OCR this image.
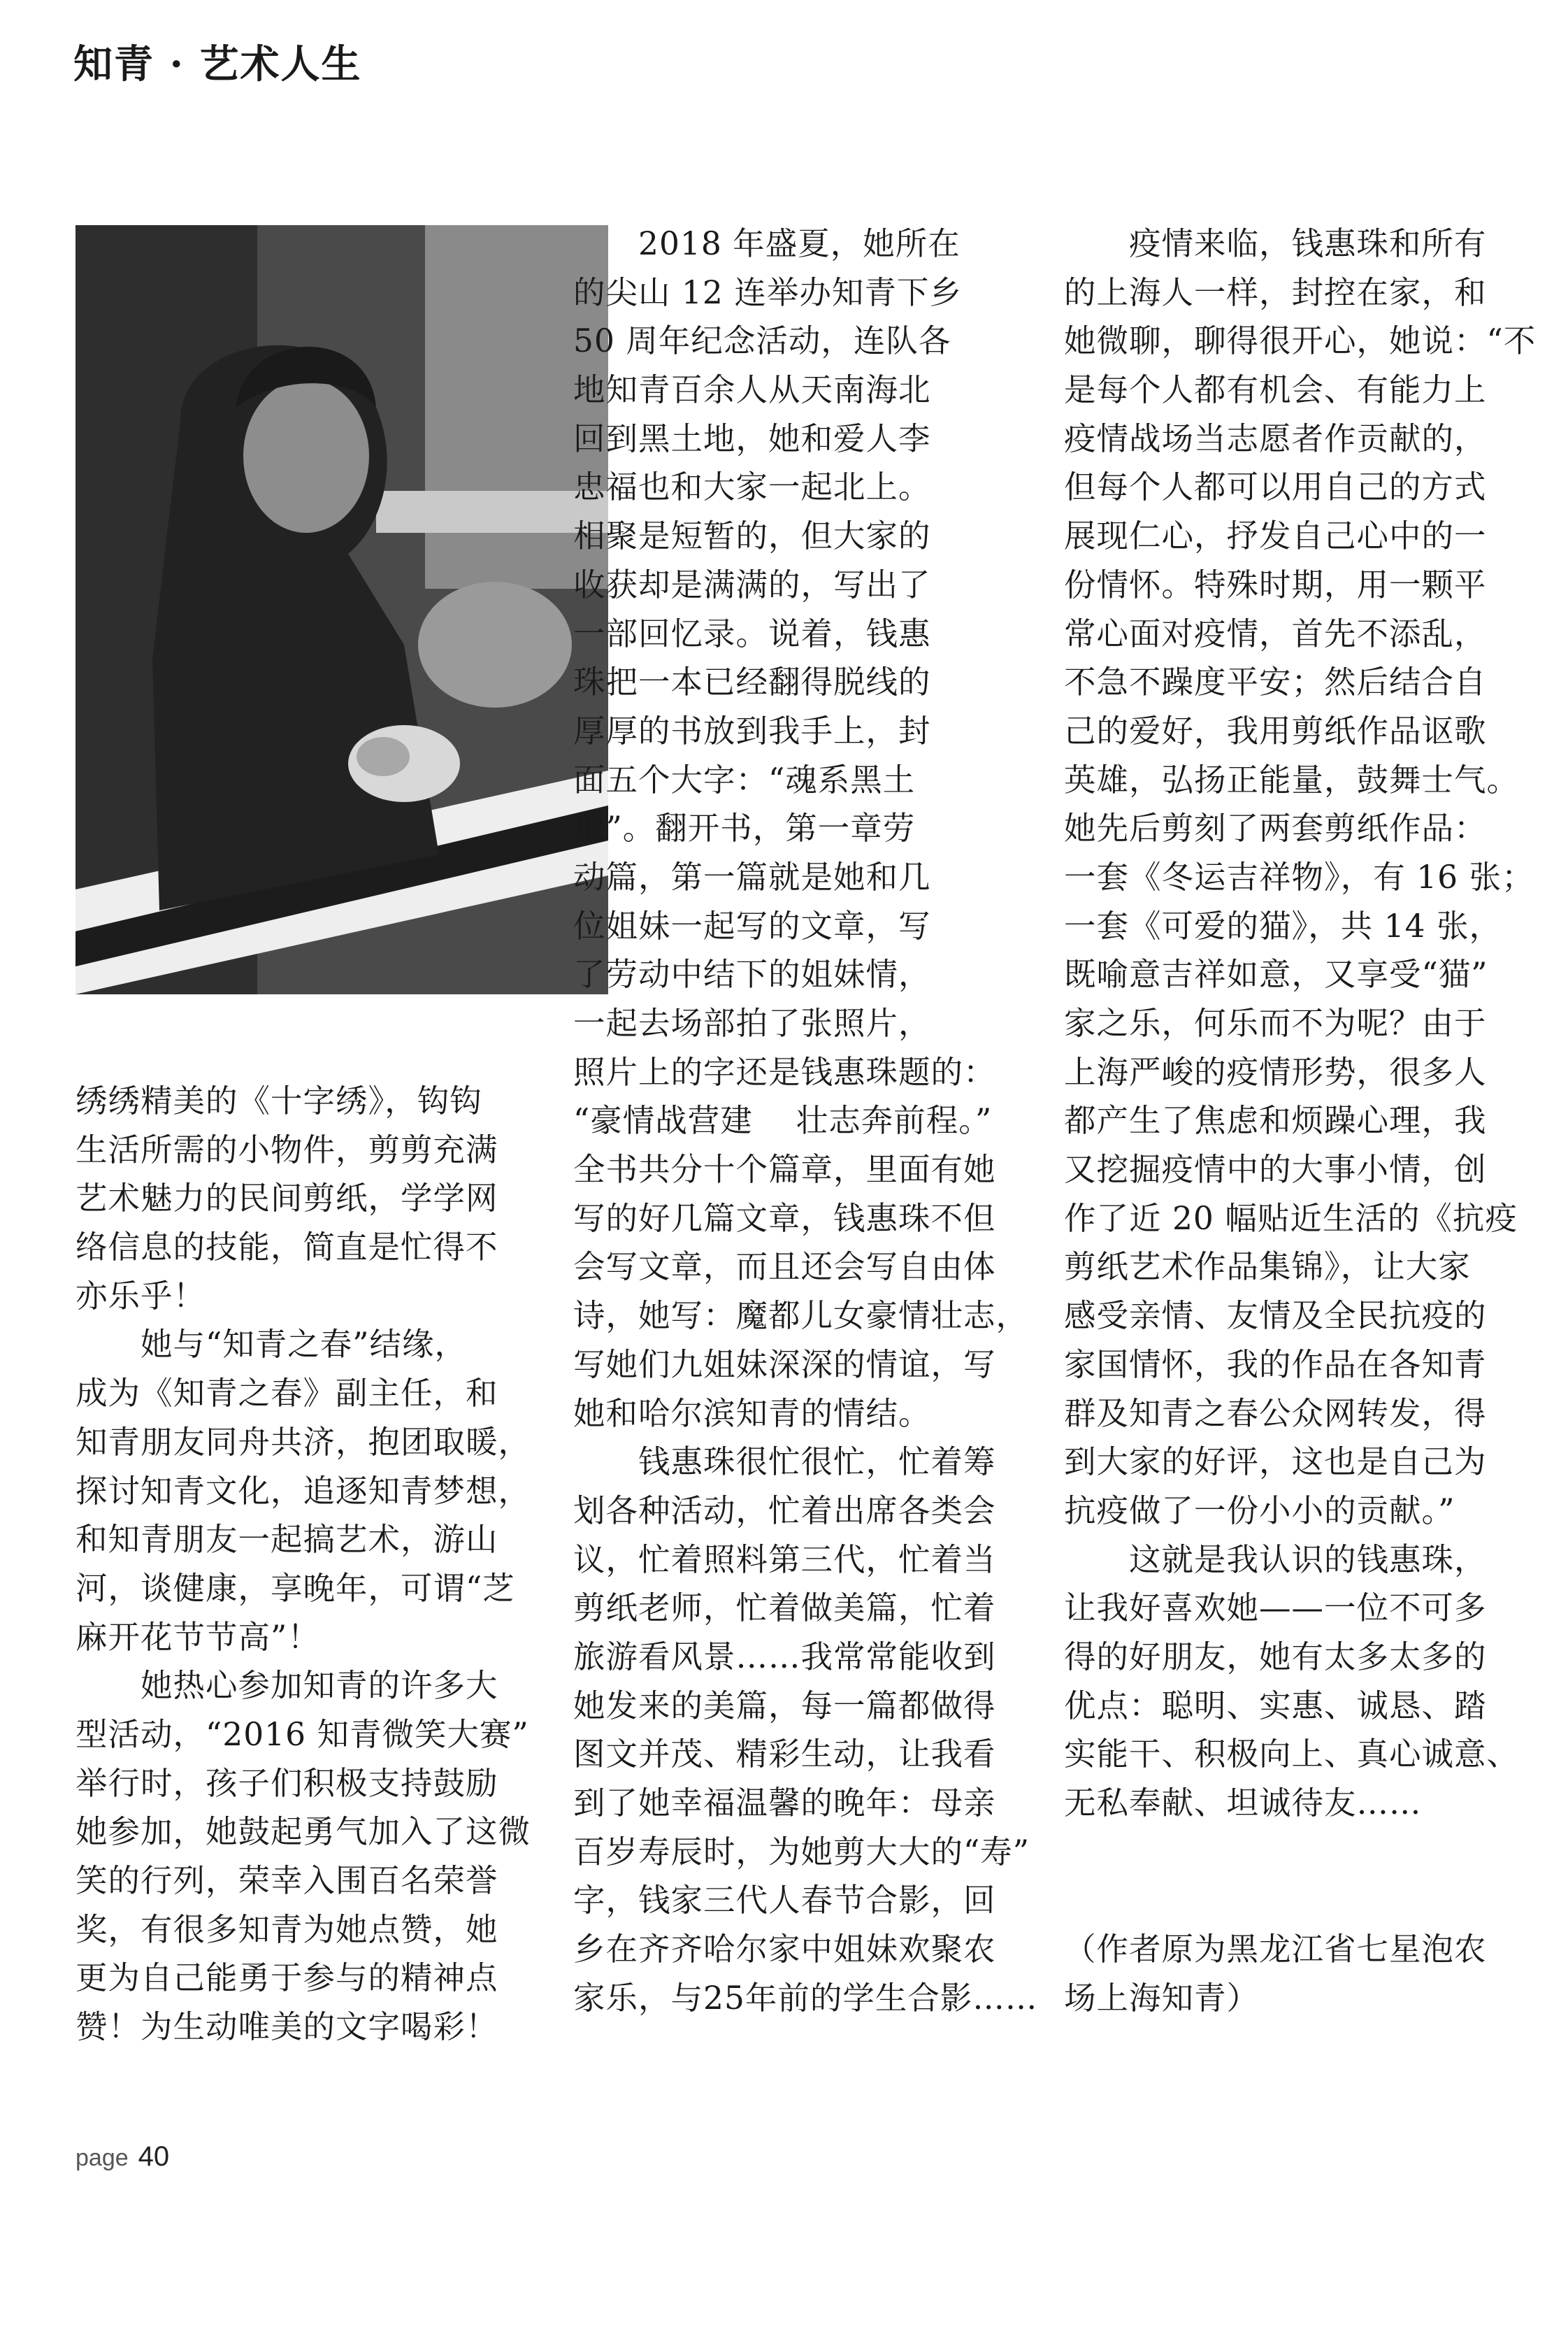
知青 · 艺术人生
绣绣精美的《十字绣》，钩钩
生活所需的小物件，剪剪充满
艺术魅力的民间剪纸，学学网
络信息的技能，简直是忙得不
亦乐乎！
　　她与“知青之春”结缘，
成为《知青之春》副主任，和
知青朋友同舟共济，抱团取暖，
探讨知青文化，追逐知青梦想，
和知青朋友一起搞艺术，游山
河，谈健康，享晚年，可谓“芝
麻开花节节高”！
　　她热心参加知青的许多大
型活动，“2016 知青微笑大赛”
举行时，孩子们积极支持鼓励
她参加，她鼓起勇气加入了这微
笑的行列，荣幸入围百名荣誉
奖，有很多知青为她点赞，她
更为自己能勇于参与的精神点
赞！为生动唯美的文字喝彩！
　　2018 年盛夏，她所在
的尖山 12 连举办知青下乡
50 周年纪念活动，连队各
地知青百余人从天南海北
回到黑土地，她和爱人李
忠福也和大家一起北上。
相聚是短暂的，但大家的
收获却是满满的，写出了
一部回忆录。说着，钱惠
珠把一本已经翻得脱线的
厚厚的书放到我手上，封
面五个大字：“魂系黑土
地”。翻开书，第一章劳
动篇，第一篇就是她和几
位姐妹一起写的文章，写
了劳动中结下的姐妹情，
一起去场部拍了张照片，
照片上的字还是钱惠珠题的：
“豪情战营建　 壮志奔前程。”
全书共分十个篇章，里面有她
写的好几篇文章，钱惠珠不但
会写文章，而且还会写自由体
诗，她写：魔都儿女豪情壮志，
写她们九姐妹深深的情谊，写
她和哈尔滨知青的情结。
　　钱惠珠很忙很忙，忙着筹
划各种活动，忙着出席各类会
议，忙着照料第三代，忙着当
剪纸老师，忙着做美篇，忙着
旅游看风景……我常常能收到
她发来的美篇，每一篇都做得
图文并茂、精彩生动，让我看
到了她幸福温馨的晚年：母亲
百岁寿辰时，为她剪大大的“寿”
字，钱家三代人春节合影，回
乡在齐齐哈尔家中姐妹欢聚农
家乐，与25年前的学生合影……
　　疫情来临，钱惠珠和所有
的上海人一样，封控在家，和
她微聊，聊得很开心，她说：“不
是每个人都有机会、有能力上
疫情战场当志愿者作贡献的，
但每个人都可以用自己的方式
展现仁心，抒发自己心中的一
份情怀。特殊时期，用一颗平
常心面对疫情，首先不添乱，
不急不躁度平安；然后结合自
己的爱好，我用剪纸作品讴歌
英雄，弘扬正能量，鼓舞士气。
她先后剪刻了两套剪纸作品：
一套《冬运吉祥物》，有 16 张；
一套《可爱的猫》，共 14 张，
既喻意吉祥如意，又享受“猫”
家之乐，何乐而不为呢？由于
上海严峻的疫情形势，很多人
都产生了焦虑和烦躁心理，我
又挖掘疫情中的大事小情，创
作了近 20 幅贴近生活的《抗疫
剪纸艺术作品集锦》，让大家
感受亲情、友情及全民抗疫的
家国情怀，我的作品在各知青
群及知青之春公众网转发，得
到大家的好评，这也是自己为
抗疫做了一份小小的贡献。”
　　这就是我认识的钱惠珠，
让我好喜欢她——一位不可多
得的好朋友，她有太多太多的
优点：聪明、实惠、诚恳、踏
实能干、积极向上、真心诚意、
无私奉献、坦诚待友……
（作者原为黑龙江省七星泡农
场上海知青）
page 40
